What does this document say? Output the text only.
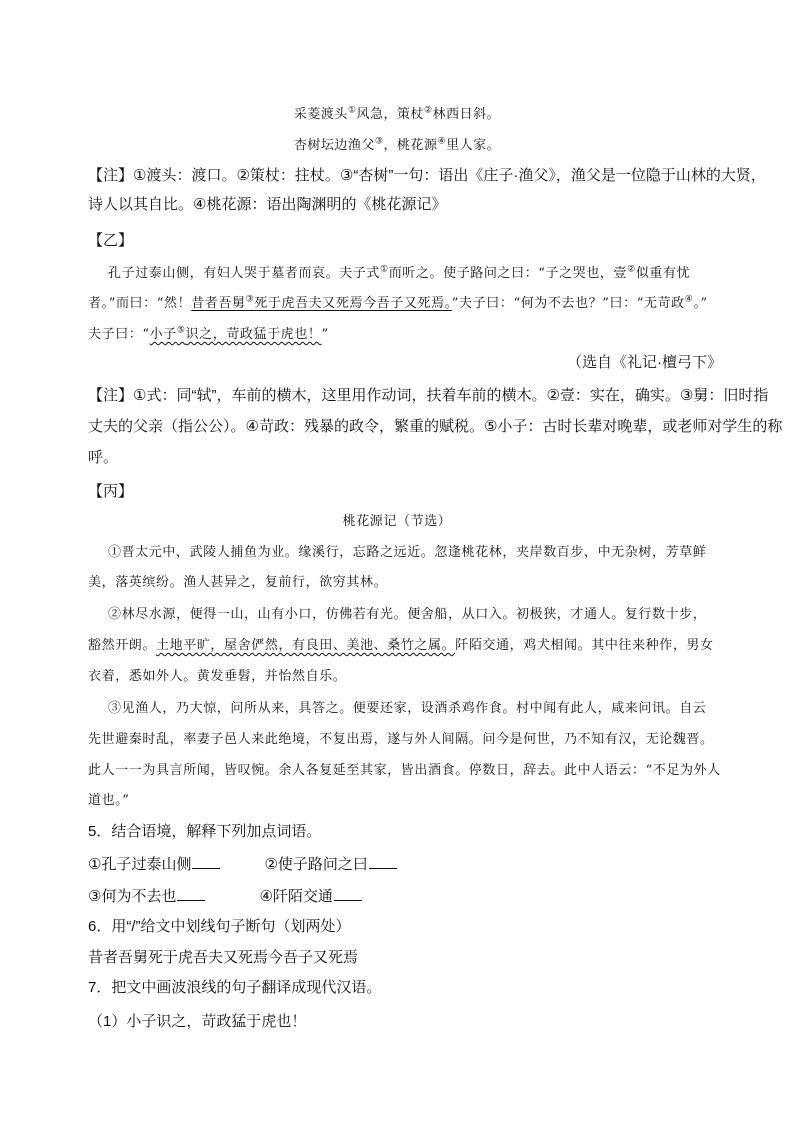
采菱渡头①风急，策杖②林西日斜。
杏树坛边渔父③，桃花源④里人家。
【注】①渡头：渡口。②策杖：拄杖。③“杏树”一句：语出《庄子·渔父》，渔父是一位隐于山林的大贤，
诗人以其自比。④桃花源：语出陶渊明的《桃花源记》
【乙】
孔子过泰山侧，有妇人哭于墓者而哀。夫子式①而听之。使子路问之曰：“子之哭也，壹②似重有忧
者。”而曰：“然！昔者吾舅③死于虎吾夫又死焉今吾子又死焉。”夫子曰：“何为不去也？”曰：“无苛政④。”
夫子曰：“小子⑤识之，苛政猛于虎也！”
（选自《礼记·檀弓下》
【注】①式：同“轼”，车前的横木，这里用作动词，扶着车前的横木。②壹：实在，确实。③舅：旧时指
丈夫的父亲（指公公）。④苛政：残暴的政令，繁重的赋税。⑤小子：古时长辈对晚辈，或老师对学生的称
呼。
【丙】
桃花源记（节选）
①晋太元中，武陵人捕鱼为业。缘溪行，忘路之远近。忽逢桃花林，夹岸数百步，中无杂树，芳草鲜
美，落英缤纷。渔人甚异之，复前行，欲穷其林。
②林尽水源，便得一山，山有小口，仿佛若有光。便舍船，从口入。初极狭，才通人。复行数十步，
豁然开朗。土地平旷，屋舍俨然，有良田、美池、桑竹之属。阡陌交通，鸡犬相闻。其中往来种作，男女
衣着，悉如外人。黄发垂髫，并怡然自乐。
③见渔人，乃大惊，问所从来，具答之。便要还家，设酒杀鸡作食。村中闻有此人，咸来问讯。自云
先世避秦时乱，率妻子邑人来此绝境，不复出焉，遂与外人间隔。问今是何世，乃不知有汉，无论魏晋。
此人一一为具言所闻，皆叹惋。余人各复延至其家，皆出酒食。停数日，辞去。此中人语云：“不足为外人
道也。”
5．结合语境，解释下列加点词语。
①孔子过泰山侧	②使子路问之曰
③何为不去也	④阡陌交通
6．用“/”给文中划线句子断句（划两处）
昔者吾舅死于虎吾夫又死焉今吾子又死焉
7．把文中画波浪线的句子翻译成现代汉语。
（1）小子识之，苛政猛于虎也！
